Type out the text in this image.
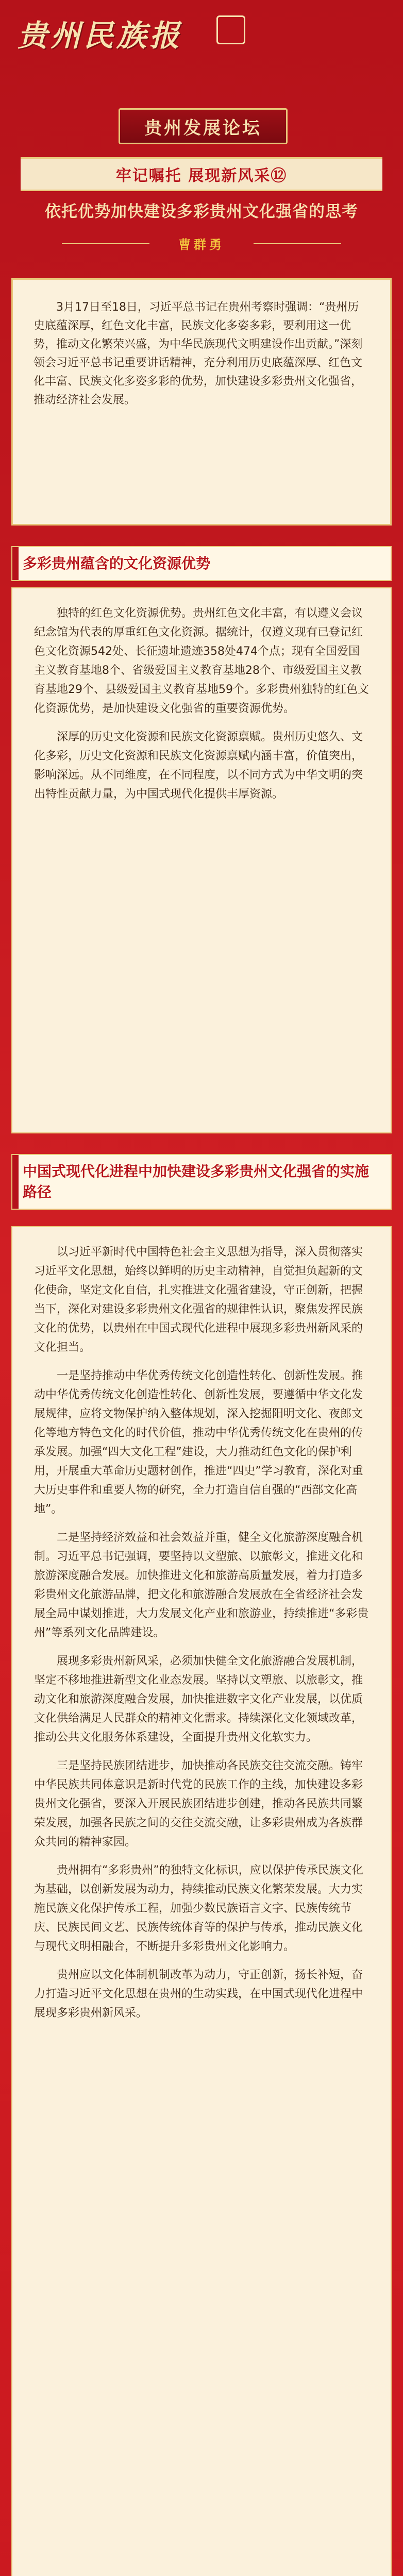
贵州民族报
贵州发展论坛
牢记嘱托 展现新风采⑫
依托优势加快建设多彩贵州文化强省的思考
曹群勇

3月17日至18日，习近平总书记在贵州考察时强调：“贵州历史底蕴深厚，红色文化丰富，民族文化多姿多彩，要利用这一优势，推动文化繁荣兴盛，为中华民族现代文明建设作出贡献。”深刻领会习近平总书记重要讲话精神，充分利用历史底蕴深厚、红色文化丰富、民族文化多姿多彩的优势，加快建设多彩贵州文化强省，推动经济社会发展。

多彩贵州蕴含的文化资源优势

独特的红色文化资源优势。贵州红色文化丰富，有以遵义会议纪念馆为代表的厚重红色文化资源。据统计，仅遵义现有已登记红色文化资源542处、长征遗址遗迹358处474个点；现有全国爱国主义教育基地8个、省级爱国主义教育基地28个、市级爱国主义教育基地29个、县级爱国主义教育基地59个。多彩贵州独特的红色文化资源优势，是加快建设文化强省的重要资源优势。

深厚的历史文化资源和民族文化资源禀赋。贵州历史悠久、文化多彩，历史文化资源和民族文化资源禀赋内涵丰富，价值突出，影响深远。从不同维度，在不同程度，以不同方式为中华文明的突出特性贡献力量，为中国式现代化提供丰厚资源。

中国式现代化进程中加快建设多彩贵州文化强省的实施路径

以习近平新时代中国特色社会主义思想为指导，深入贯彻落实习近平文化思想，始终以鲜明的历史主动精神，自觉担负起新的文化使命，坚定文化自信，扎实推进文化强省建设，守正创新，把握当下，深化对建设多彩贵州文化强省的规律性认识，聚焦发挥民族文化的优势，以贵州在中国式现代化进程中展现多彩贵州新风采的文化担当。

一是坚持推动中华优秀传统文化创造性转化、创新性发展。推动中华优秀传统文化创造性转化、创新性发展，要遵循中华文化发展规律，应将文物保护纳入整体规划，深入挖掘阳明文化、夜郎文化等地方特色文化的时代价值，推动中华优秀传统文化在贵州的传承发展。加强“四大文化工程”建设，大力推动红色文化的保护利用，开展重大革命历史题材创作，推进“四史”学习教育，深化对重大历史事件和重要人物的研究，全力打造自信自强的“西部文化高地”。

二是坚持经济效益和社会效益并重，健全文化旅游深度融合机制。习近平总书记强调，要坚持以文塑旅、以旅彰文，推进文化和旅游深度融合发展。加快推进文化和旅游高质量发展，着力打造多彩贵州文化旅游品牌，把文化和旅游融合发展放在全省经济社会发展全局中谋划推进，大力发展文化产业和旅游业，持续推进“多彩贵州”等系列文化品牌建设。

展现多彩贵州新风采，必须加快健全文化旅游融合发展机制，坚定不移地推进新型文化业态发展。坚持以文塑旅、以旅彰文，推动文化和旅游深度融合发展，加快推进数字文化产业发展，以优质文化供给满足人民群众的精神文化需求。持续深化文化领域改革，推动公共文化服务体系建设，全面提升贵州文化软实力。

三是坚持民族团结进步，加快推动各民族交往交流交融。铸牢中华民族共同体意识是新时代党的民族工作的主线，加快建设多彩贵州文化强省，要深入开展民族团结进步创建，推动各民族共同繁荣发展，加强各民族之间的交往交流交融，让多彩贵州成为各族群众共同的精神家园。

贵州拥有“多彩贵州”的独特文化标识，应以保护传承民族文化为基础，以创新发展为动力，持续推动民族文化繁荣发展。大力实施民族文化保护传承工程，加强少数民族语言文字、民族传统节庆、民族民间文艺、民族传统体育等的保护与传承，推动民族文化与现代文明相融合，不断提升多彩贵州文化影响力。

贵州应以文化体制机制改革为动力，守正创新，扬长补短，奋力打造习近平文化思想在贵州的生动实践，在中国式现代化进程中展现多彩贵州新风采。
